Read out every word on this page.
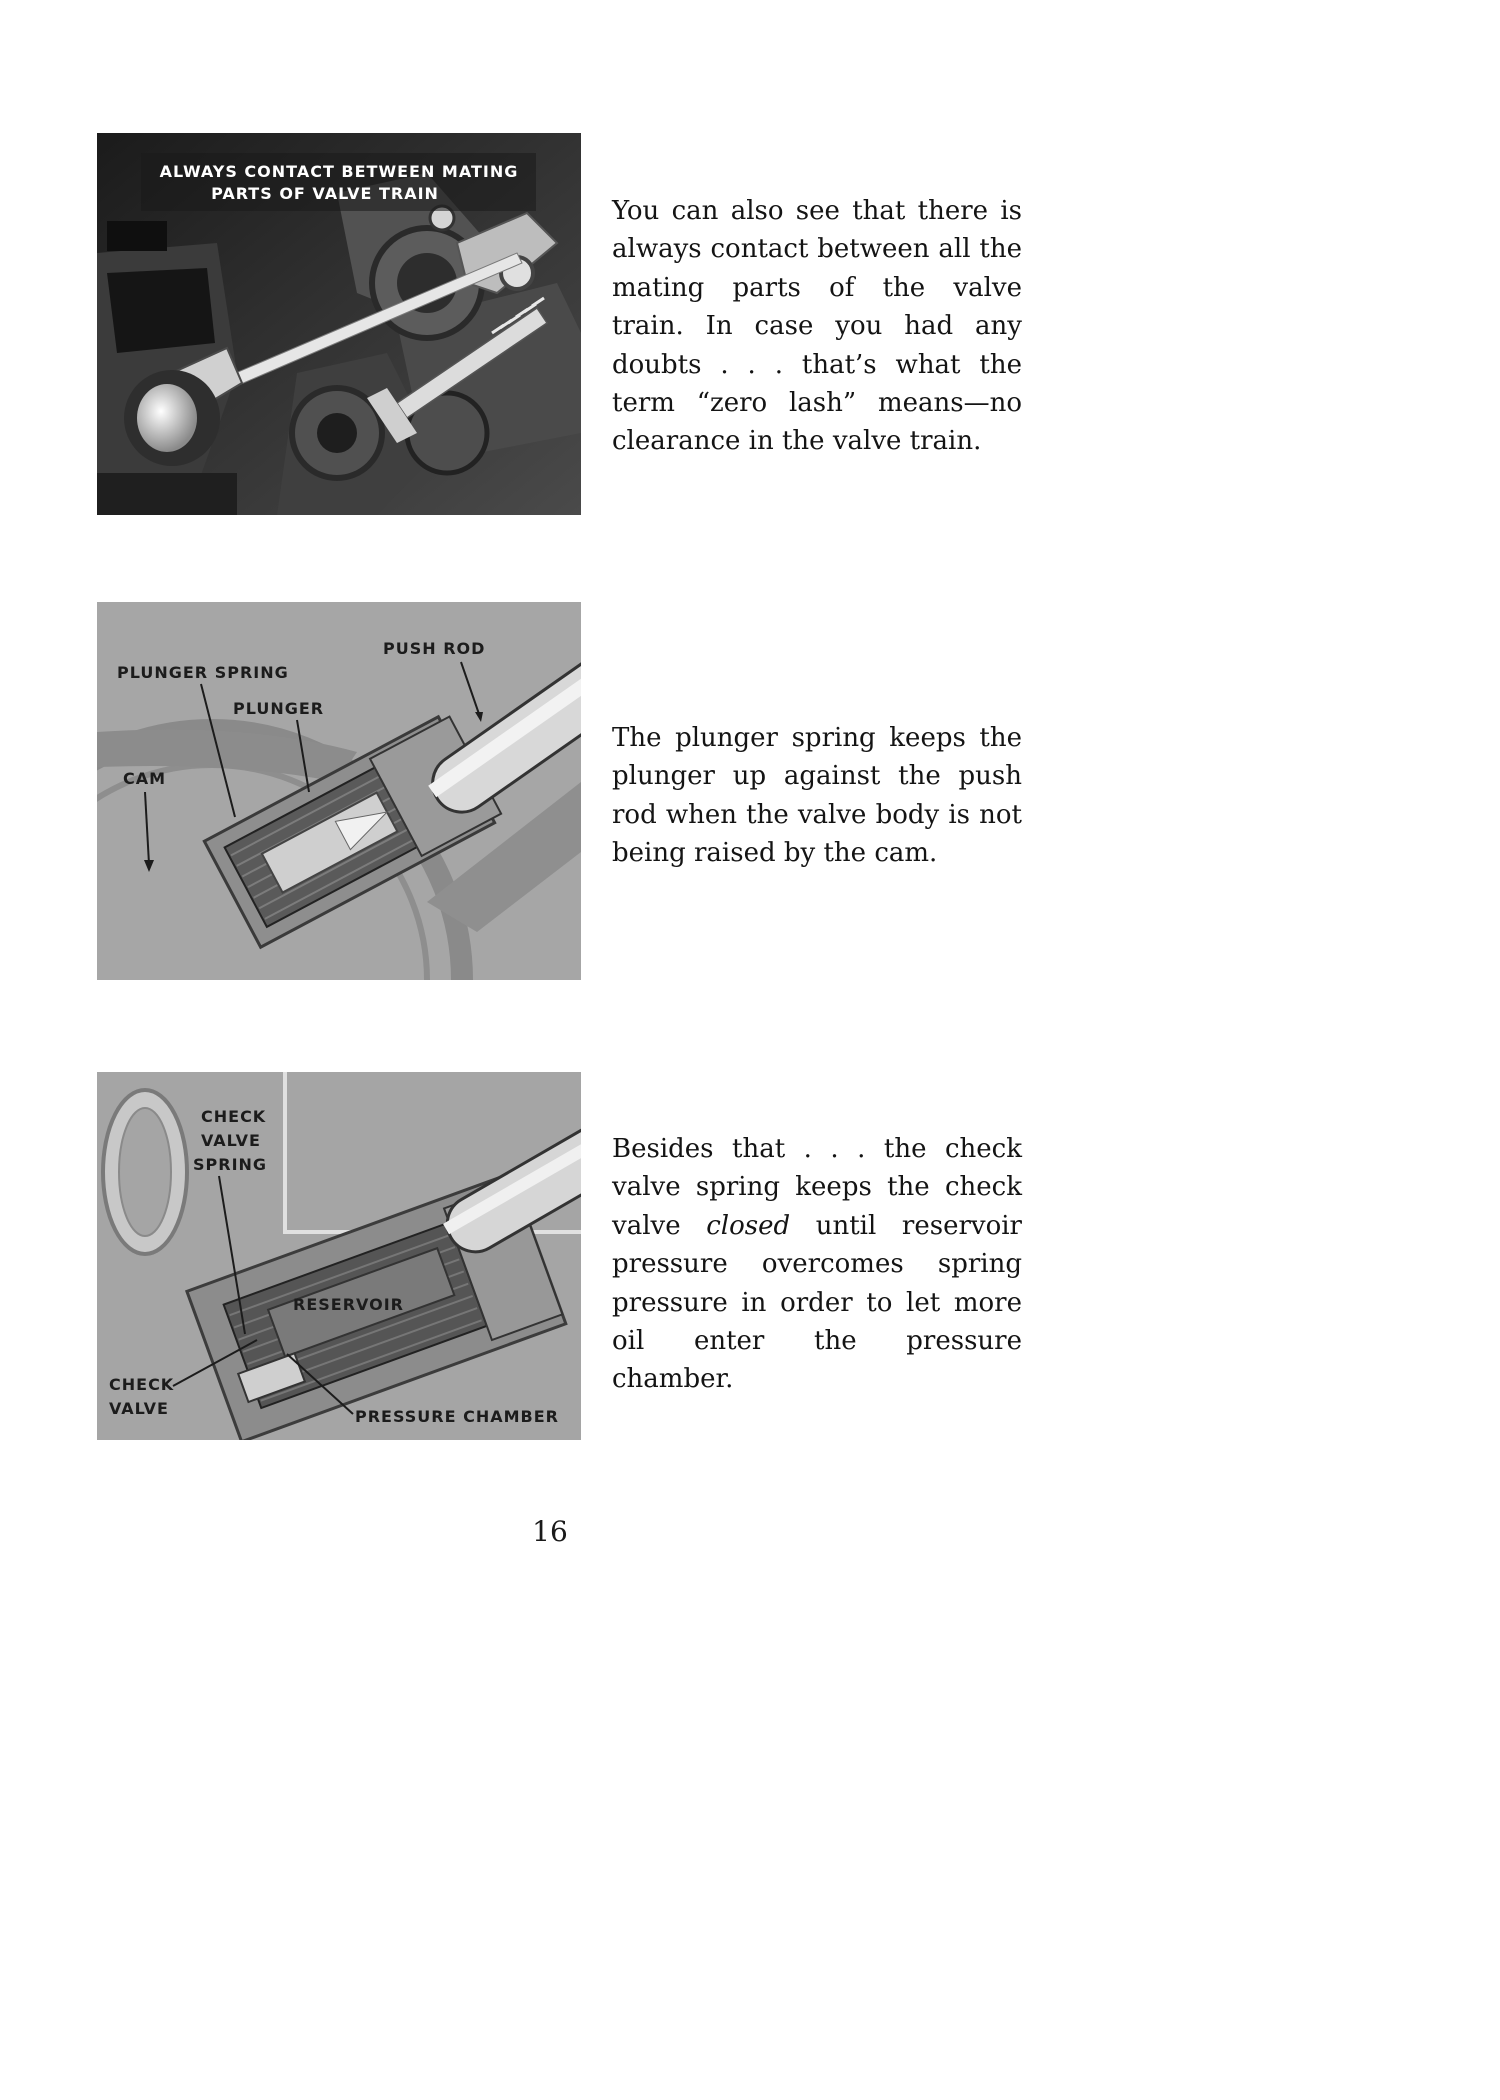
ALWAYS CONTACT BETWEEN MATING
PARTS OF VALVE TRAIN

You can also see that there is always contact between all the mating parts of the valve train. In case you had any doubts . . . that’s what the term “zero lash” means—no clearance in the valve train.

PUSH ROD
PLUNGER SPRING
PLUNGER
CAM

The plunger spring keeps the plunger up against the push rod when the valve body is not being raised by the cam.

CHECK
VALVE
SPRING
RESERVOIR
CHECK
VALVE	PRESSURE CHAMBER

Besides that . . . the check valve spring keeps the check valve closed until reservoir pressure overcomes spring pressure in order to let more oil enter the pressure chamber.

16
